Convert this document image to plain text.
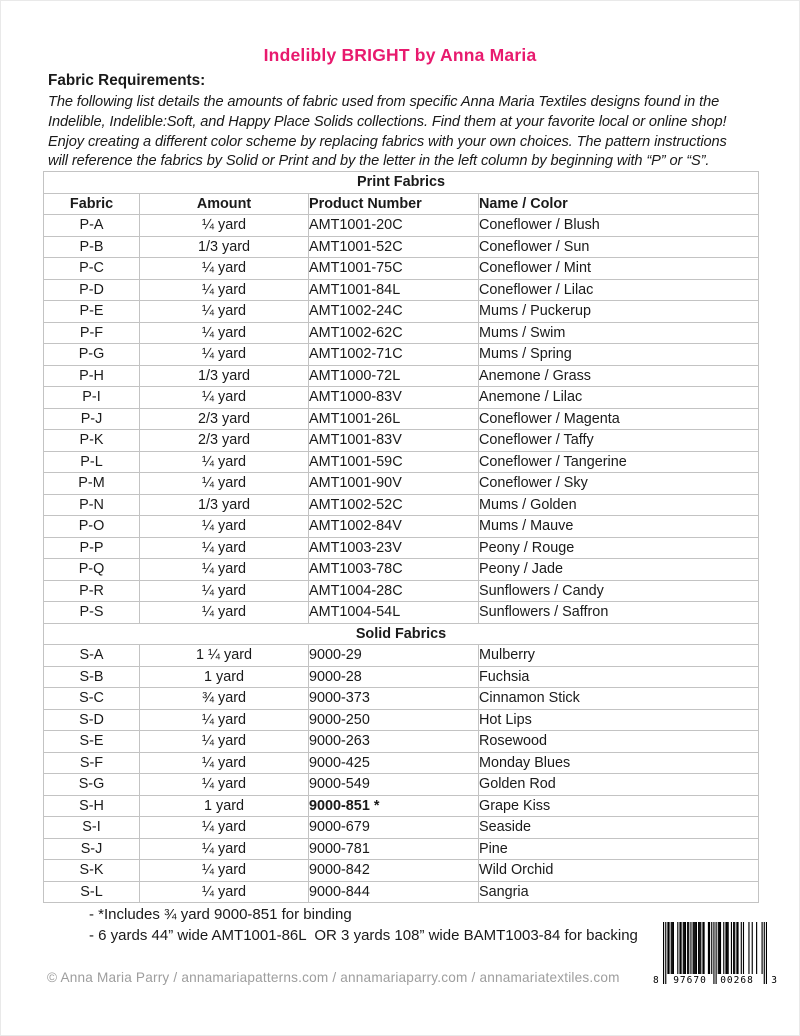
Indelibly BRIGHT by Anna Maria
Fabric Requirements:
The following list details the amounts of fabric used from specific Anna Maria Textiles designs found in the
Indelible, Indelible:Soft, and Happy Place Solids collections. Find them at your favorite local or online shop!
Enjoy creating a different color scheme by replacing fabrics with your own choices. The pattern instructions
will reference the fabrics by Solid or Print and by the letter in the left column by beginning with “P” or “S”.
Print Fabrics			
Fabric	Amount	Product Number	Name / Color
P-A	¼ yard	AMT1001-20C	Coneflower / Blush
P-B	1/3 yard	AMT1001-52C	Coneflower / Sun
P-C	¼ yard	AMT1001-75C	Coneflower / Mint
P-D	¼ yard	AMT1001-84L	Coneflower / Lilac
P-E	¼ yard	AMT1002-24C	Mums / Puckerup
P-F	¼ yard	AMT1002-62C	Mums / Swim
P-G	¼ yard	AMT1002-71C	Mums / Spring
P-H	1/3 yard	AMT1000-72L	Anemone / Grass
P-I	¼ yard	AMT1000-83V	Anemone / Lilac
P-J	2/3 yard	AMT1001-26L	Coneflower / Magenta
P-K	2/3 yard	AMT1001-83V	Coneflower / Taffy
P-L	¼ yard	AMT1001-59C	Coneflower / Tangerine
P-M	¼ yard	AMT1001-90V	Coneflower / Sky
P-N	1/3 yard	AMT1002-52C	Mums / Golden
P-O	¼ yard	AMT1002-84V	Mums / Mauve
P-P	¼ yard	AMT1003-23V	Peony / Rouge
P-Q	¼ yard	AMT1003-78C	Peony / Jade
P-R	¼ yard	AMT1004-28C	Sunflowers / Candy
P-S	¼ yard	AMT1004-54L	Sunflowers / Saffron
Solid Fabrics			
S-A	1 ¼ yard	9000-29	Mulberry
S-B	1 yard	9000-28	Fuchsia
S-C	¾ yard	9000-373	Cinnamon Stick
S-D	¼ yard	9000-250	Hot Lips
S-E	¼ yard	9000-263	Rosewood
S-F	¼ yard	9000-425	Monday Blues
S-G	¼ yard	9000-549	Golden Rod
S-H	1 yard	9000-851 *	Grape Kiss
S-I	¼ yard	9000-679	Seaside
S-J	¼ yard	9000-781	Pine
S-K	¼ yard	9000-842	Wild Orchid
S-L	¼ yard	9000-844	Sangria
- *Includes ¾ yard 9000-851 for binding
- 6 yards 44” wide AMT1001-86L  OR 3 yards 108” wide BAMT1003-84 for backing
© Anna Maria Parry / annamariapatterns.com / annamariaparry.com / annamariatextiles.com	8	97670	00268	3
